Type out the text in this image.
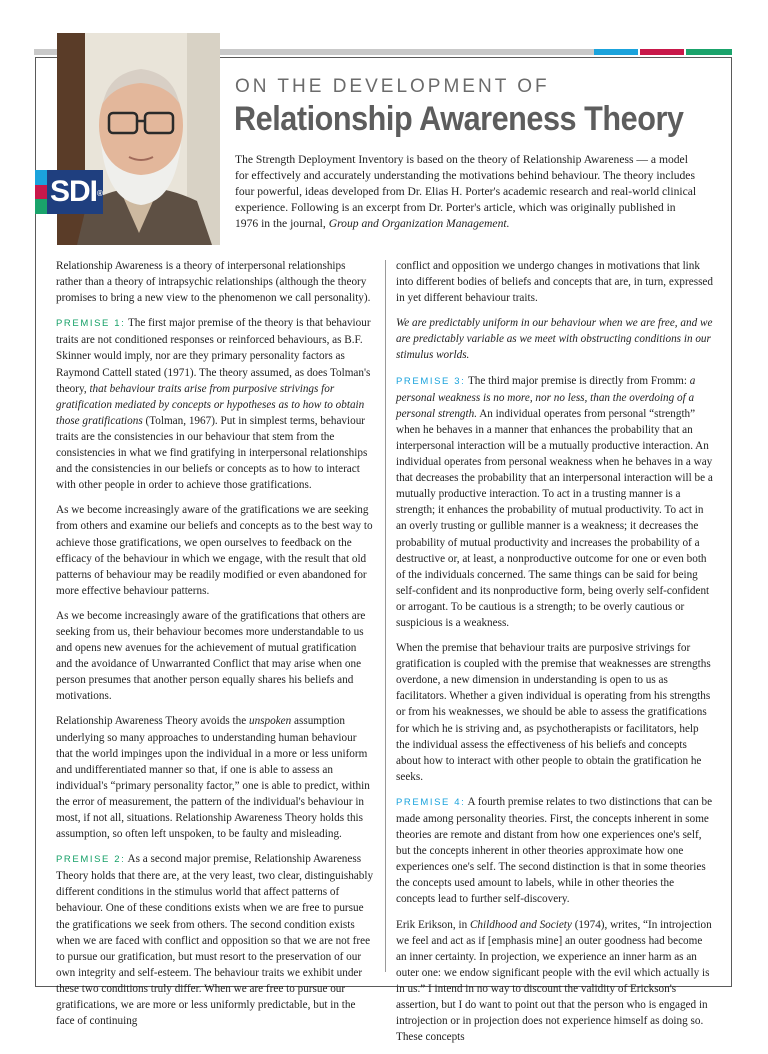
SDI®
ON THE DEVELOPMENT OF
Relationship Awareness Theory
The Strength Deployment Inventory is based on the theory of Relationship Awareness — a model for effectively and accurately understanding the motivations behind behaviour. The theory includes four powerful, ideas developed from Dr. Elias H. Porter's academic research and real-world clinical experience. Following is an excerpt from Dr. Porter's article, which was originally published in 1976 in the journal, Group and Organization Management.

Relationship Awareness is a theory of interpersonal relationships rather than a theory of intrapsychic relationships (although the theory promises to bring a new view to the phenomenon we call personality).

PREMISE 1: The first major premise of the theory is that behaviour traits are not conditioned responses or reinforced behaviours, as B.F. Skinner would imply, nor are they primary personality factors as Raymond Cattell stated (1971). The theory assumed, as does Tolman's theory, that behaviour traits arise from purposive strivings for gratification mediated by concepts or hypotheses as to how to obtain those gratifications (Tolman, 1967). Put in simplest terms, behaviour traits are the consistencies in our behaviour that stem from the consistencies in what we find gratifying in interpersonal relationships and the consistencies in our beliefs or concepts as to how to interact with other people in order to achieve those gratifications.

As we become increasingly aware of the gratifications we are seeking from others and examine our beliefs and concepts as to the best way to achieve those gratifications, we open ourselves to feedback on the efficacy of the behaviour in which we engage, with the result that old patterns of behaviour may be readily modified or even abandoned for more effective behaviour patterns.

As we become increasingly aware of the gratifications that others are seeking from us, their behaviour becomes more understandable to us and opens new avenues for the achievement of mutual gratification and the avoidance of Unwarranted Conflict that may arise when one person presumes that another person equally shares his beliefs and motivations.

Relationship Awareness Theory avoids the unspoken assumption underlying so many approaches to understanding human behaviour that the world impinges upon the individual in a more or less uniform and undifferentiated manner so that, if one is able to assess an individual's “primary personality factor,” one is able to predict, within the error of measurement, the pattern of the individual's behaviour in most, if not all, situations. Relationship Awareness Theory holds this assumption, so often left unspoken, to be faulty and misleading.

PREMISE 2: As a second major premise, Relationship Awareness Theory holds that there are, at the very least, two clear, distinguishably different conditions in the stimulus world that affect patterns of behaviour. One of these conditions exists when we are free to pursue the gratifications we seek from others. The second condition exists when we are faced with conflict and opposition so that we are not free to pursue our gratification, but must resort to the preservation of our own integrity and self-esteem. The behaviour traits we exhibit under these two conditions truly differ. When we are free to pursue our gratifications, we are more or less uniformly predictable, but in the face of continuing

conflict and opposition we undergo changes in motivations that link into different bodies of beliefs and concepts that are, in turn, expressed in yet different behaviour traits.

We are predictably uniform in our behaviour when we are free, and we are predictably variable as we meet with obstructing conditions in our stimulus worlds.

PREMISE 3: The third major premise is directly from Fromm: a personal weakness is no more, nor no less, than the overdoing of a personal strength. An individual operates from personal “strength” when he behaves in a manner that enhances the probability that an interpersonal interaction will be a mutually productive interaction. An individual operates from personal weakness when he behaves in a way that decreases the probability that an interpersonal interaction will be a mutually productive interaction. To act in a trusting manner is a strength; it enhances the probability of mutual productivity. To act in an overly trusting or gullible manner is a weakness; it decreases the probability of mutual productivity and increases the probability of a destructive or, at least, a nonproductive outcome for one or even both of the individuals concerned. The same things can be said for being self-confident and its nonproductive form, being overly self-confident or arrogant. To be cautious is a strength; to be overly cautious or suspicious is a weakness.

When the premise that behaviour traits are purposive strivings for gratification is coupled with the premise that weaknesses are strengths overdone, a new dimension in understanding is open to us as facilitators. Whether a given individual is operating from his strengths or from his weaknesses, we should be able to assess the gratifications for which he is striving and, as psychotherapists or facilitators, help the individual assess the effectiveness of his beliefs and concepts about how to interact with other people to obtain the gratification he seeks.

PREMISE 4: A fourth premise relates to two distinctions that can be made among personality theories. First, the concepts inherent in some theories are remote and distant from how one experiences one's self, but the concepts inherent in other theories approximate how one experiences one's self. The second distinction is that in some theories the concepts used amount to labels, while in other theories the concepts lead to further self-discovery.

Erik Erikson, in Childhood and Society (1974), writes, “In introjection we feel and act as if [emphasis mine] an outer goodness had become an inner certainty. In projection, we experience an inner harm as an outer one: we endow significant people with the evil which actually is in us.” I intend in no way to discount the validity of Erickson's assertion, but I do want to point out that the person who is engaged in introjection or in projection does not experience himself as doing so. These concepts
